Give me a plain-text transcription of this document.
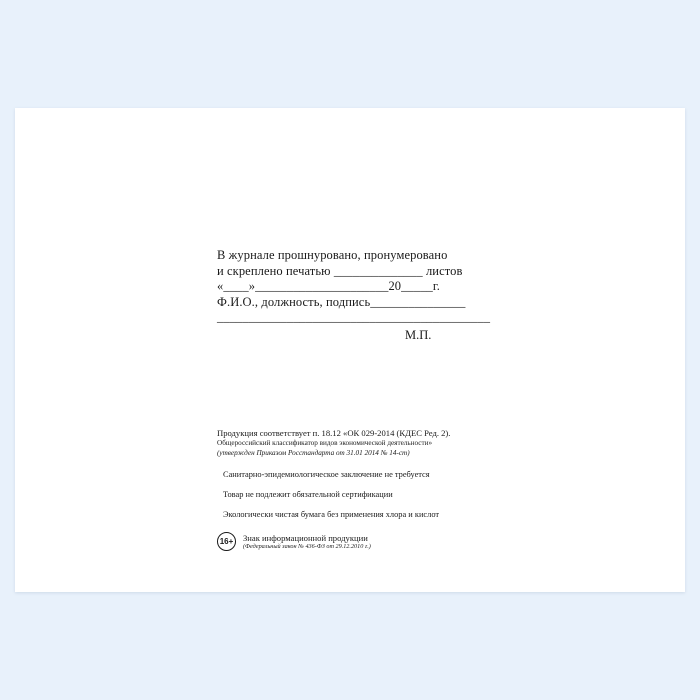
В журнале прошнуровано, пронумеровано
и скреплено печатью ______________ листов
«____»_____________________20_____г.
Ф.И.О., должность, подпись_______________
___________________________________________
М.П.
Продукция соответствует п. 18.12 «ОК 029-2014 (КДЕС Ред. 2).
Общероссийский классификатор видов экономической деятельности»
(утвержден Приказом Росстандарта от 31.01 2014 № 14-ст)
Санитарно-эпидемиологическое заключение не требуется
Товар не подлежит обязательной сертификации
Экологически чистая бумага без применения хлора и кислот
16+	Знак информационной продукции
(Федеральный закон № 436-ФЗ от 29.12.2010 г.)
